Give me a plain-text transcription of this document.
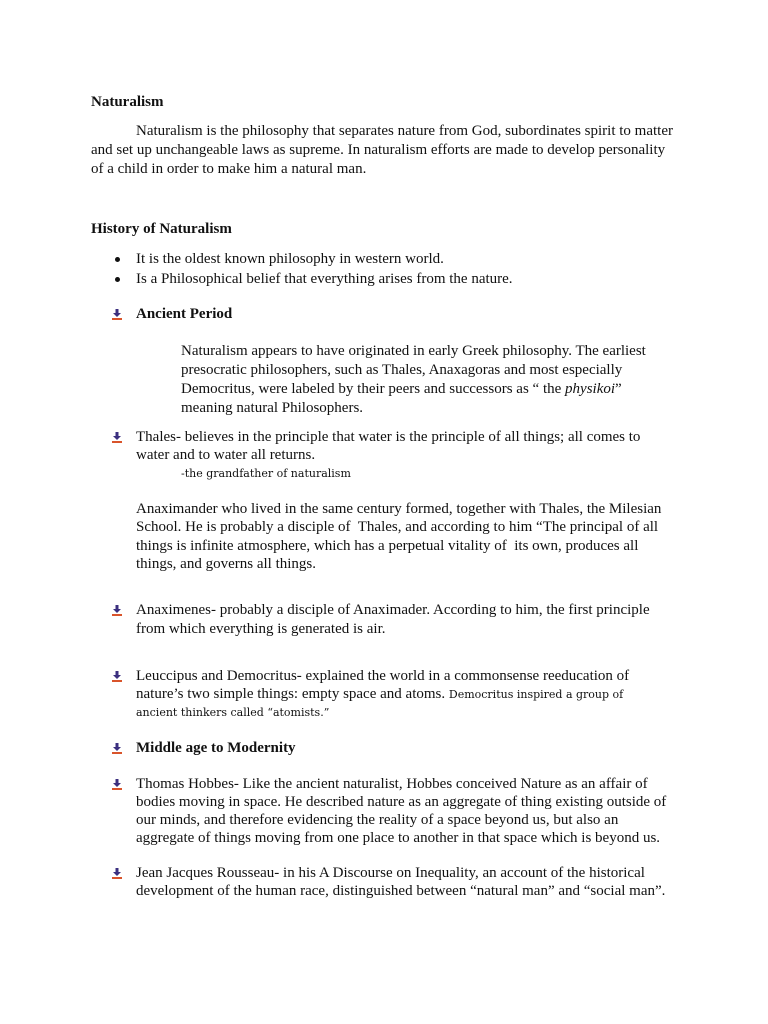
Naturalism
Naturalism is the philosophy that separates nature from God, subordinates spirit to matter
and set up unchangeable laws as supreme. In naturalism efforts are made to develop personality
of a child in order to make him a natural man.
History of Naturalism
It is the oldest known philosophy in western world.
Is a Philosophical belief that everything arises from the nature.
Ancient Period
Naturalism appears to have originated in early Greek philosophy. The earliest
presocratic philosophers, such as Thales, Anaxagoras and most especially
Democritus, were labeled by their peers and successors as “ the physikoi”
meaning natural Philosophers.
Thales- believes in the principle that water is the principle of all things; all comes to
water and to water all returns.
-the grandfather of naturalism
Anaximander who lived in the same century formed, together with Thales, the Milesian
School. He is probably a disciple of  Thales, and according to him “The principal of all
things is infinite atmosphere, which has a perpetual vitality of  its own, produces all
things, and governs all things.
Anaximenes- probably a disciple of Anaximader. According to him, the first principle
from which everything is generated is air.
Leuccipus and Democritus- explained the world in a commonsense reeducation of
nature’s two simple things: empty space and atoms. Democritus inspired a group of
ancient thinkers called “atomists.”
Middle age to Modernity
Thomas Hobbes- Like the ancient naturalist, Hobbes conceived Nature as an affair of
bodies moving in space. He described nature as an aggregate of thing existing outside of
our minds, and therefore evidencing the reality of a space beyond us, but also an
aggregate of things moving from one place to another in that space which is beyond us.
Jean Jacques Rousseau- in his A Discourse on Inequality, an account of the historical
development of the human race, distinguished between “natural man” and “social man”.
